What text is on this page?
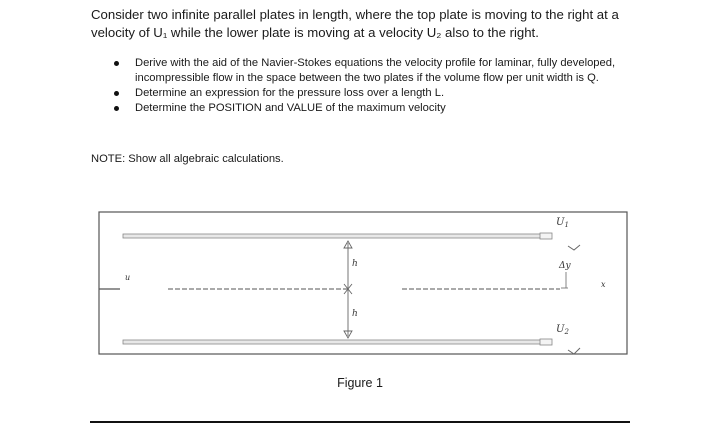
Consider two infinite parallel plates in length, where the top plate is moving to the right at a velocity of U₁ while the lower plate is moving at a velocity U₂ also to the right.
Derive with the aid of the Navier-Stokes equations the velocity profile for laminar, fully developed, incompressible flow in the space between the two plates if the volume flow per unit width is Q.
Determine an expression for the pressure loss over a length L.
Determine the POSITION and VALUE of the maximum velocity
NOTE: Show all algebraic calculations.
$U_1$
$U_2$
h
h
u
Δy
x
Figure 1
